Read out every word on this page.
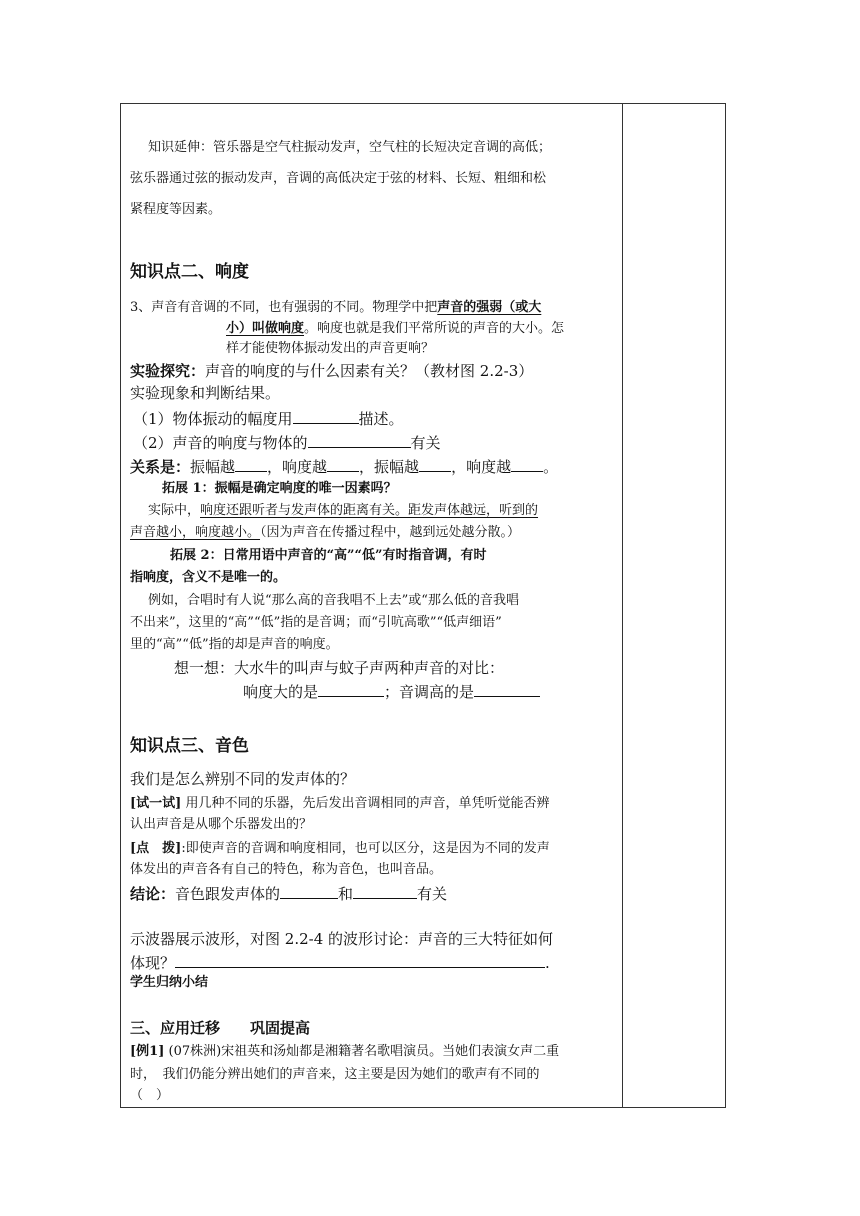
知识延伸：管乐器是空气柱振动发声，空气柱的长短决定音调的高低；
弦乐器通过弦的振动发声，音调的高低决定于弦的材料、长短、粗细和松
紧程度等因素。
知识点二、响度
3、声音有音调的不同，也有强弱的不同。物理学中把声音的强弱（或大
小）叫做响度。响度也就是我们平常所说的声音的大小。怎
样才能使物体振动发出的声音更响？
实验探究：声音的响度的与什么因素有关？（教材图 2.2-3）
实验现象和判断结果。
（1）物体振动的幅度用	描述。
（2）声音的响度与物体的	有关
关系是：振幅越 ，响度越 ，振幅越 ，响度越 。
拓展 1：振幅是确定响度的唯一因素吗？
实际中，响度还跟听者与发声体的距离有关。距发声体越远，听到的
声音越小，响度越小。（因为声音在传播过程中，越到远处越分散。）
拓展 2：日常用语中声音的“高”“低”有时指音调，有时
指响度，含义不是唯一的。
例如，合唱时有人说“那么高的音我唱不上去”或“那么低的音我唱
不出来”，这里的“高”“低”指的是音调；而“引吭高歌”“低声细语”
里的“高”“低”指的却是声音的响度。
想一想：大水牛的叫声与蚊子声两种声音的对比：
响度大的是	；音调高的是
知识点三、音色
我们是怎么辨别不同的发声体的？
[试一试] 用几种不同的乐器，先后发出音调相同的声音，单凭听觉能否辨
认出声音是从哪个乐器发出的？
[点　拨]:即使声音的音调和响度相同，也可以区分，这是因为不同的发声
体发出的声音各有自己的特色，称为音色，也叫音品。
结论：音色跟发声体的	和	有关
示波器展示波形，对图 2.2-4 的波形讨论：声音的三大特征如何
体现？	.
学生归纳小结
三、应用迁移　　巩固提高
[例1] (07株洲)宋祖英和汤灿都是湘籍著名歌唱演员。当她们表演女声二重
时，　我们仍能分辨出她们的声音来，这主要是因为她们的歌声有不同的
（　）
